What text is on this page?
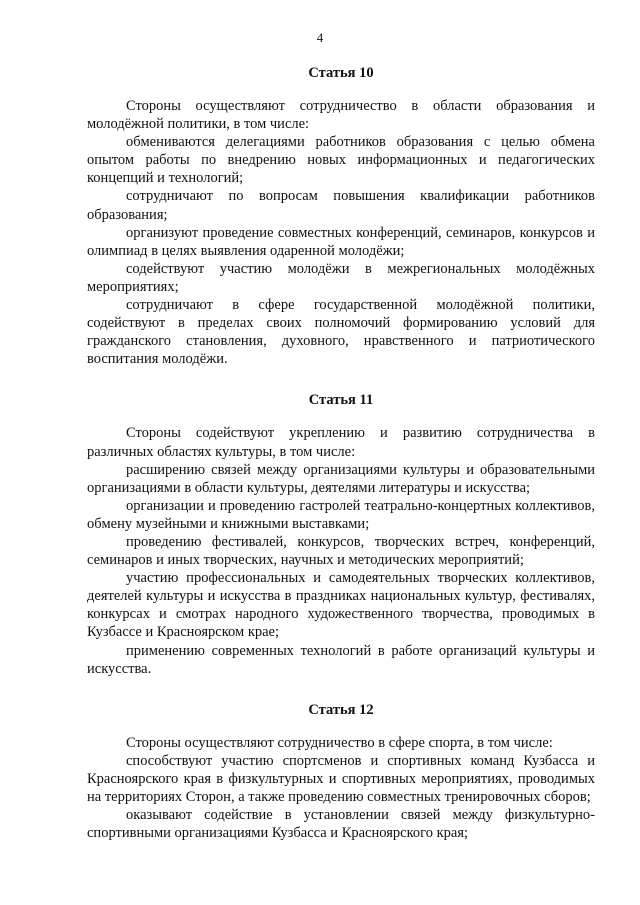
4
Статья 10

Стороны осуществляют сотрудничество в области образования и молодёжной политики, в том числе:

обмениваются делегациями работников образования с целью обмена опытом работы по внедрению новых информационных и педагогических концепций и технологий;

сотрудничают по вопросам повышения квалификации работников образования;

организуют проведение совместных конференций, семинаров, конкурсов и олимпиад в целях выявления одаренной молодёжи;

содействуют участию молодёжи в межрегиональных молодёжных мероприятиях;

сотрудничают в сфере государственной молодёжной политики, содействуют в пределах своих полномочий формированию условий для гражданского становления, духовного, нравственного и патриотического воспитания молодёжи.

Статья 11

Стороны содействуют укреплению и развитию сотрудничества в различных областях культуры, в том числе:

расширению связей между организациями культуры и образовательными организациями в области культуры, деятелями литературы и искусства;

организации и проведению гастролей театрально-концертных коллективов, обмену музейными и книжными выставками;

проведению фестивалей, конкурсов, творческих встреч, конференций, семинаров и иных творческих, научных и методических мероприятий;

участию профессиональных и самодеятельных творческих коллективов, деятелей культуры и искусства в праздниках национальных культур, фестивалях, конкурсах и смотрах народного художественного творчества, проводимых в Кузбассе и Красноярском крае;

применению современных технологий в работе организаций культуры и искусства.

Статья 12

Стороны осуществляют сотрудничество в сфере спорта, в том числе:

способствуют участию спортсменов и спортивных команд Кузбасса и Красноярского края в физкультурных и спортивных мероприятиях, проводимых на территориях Сторон, а также проведению совместных тренировочных сборов;

оказывают содействие в установлении связей между физкультурно-спортивными организациями Кузбасса и Красноярского края;
